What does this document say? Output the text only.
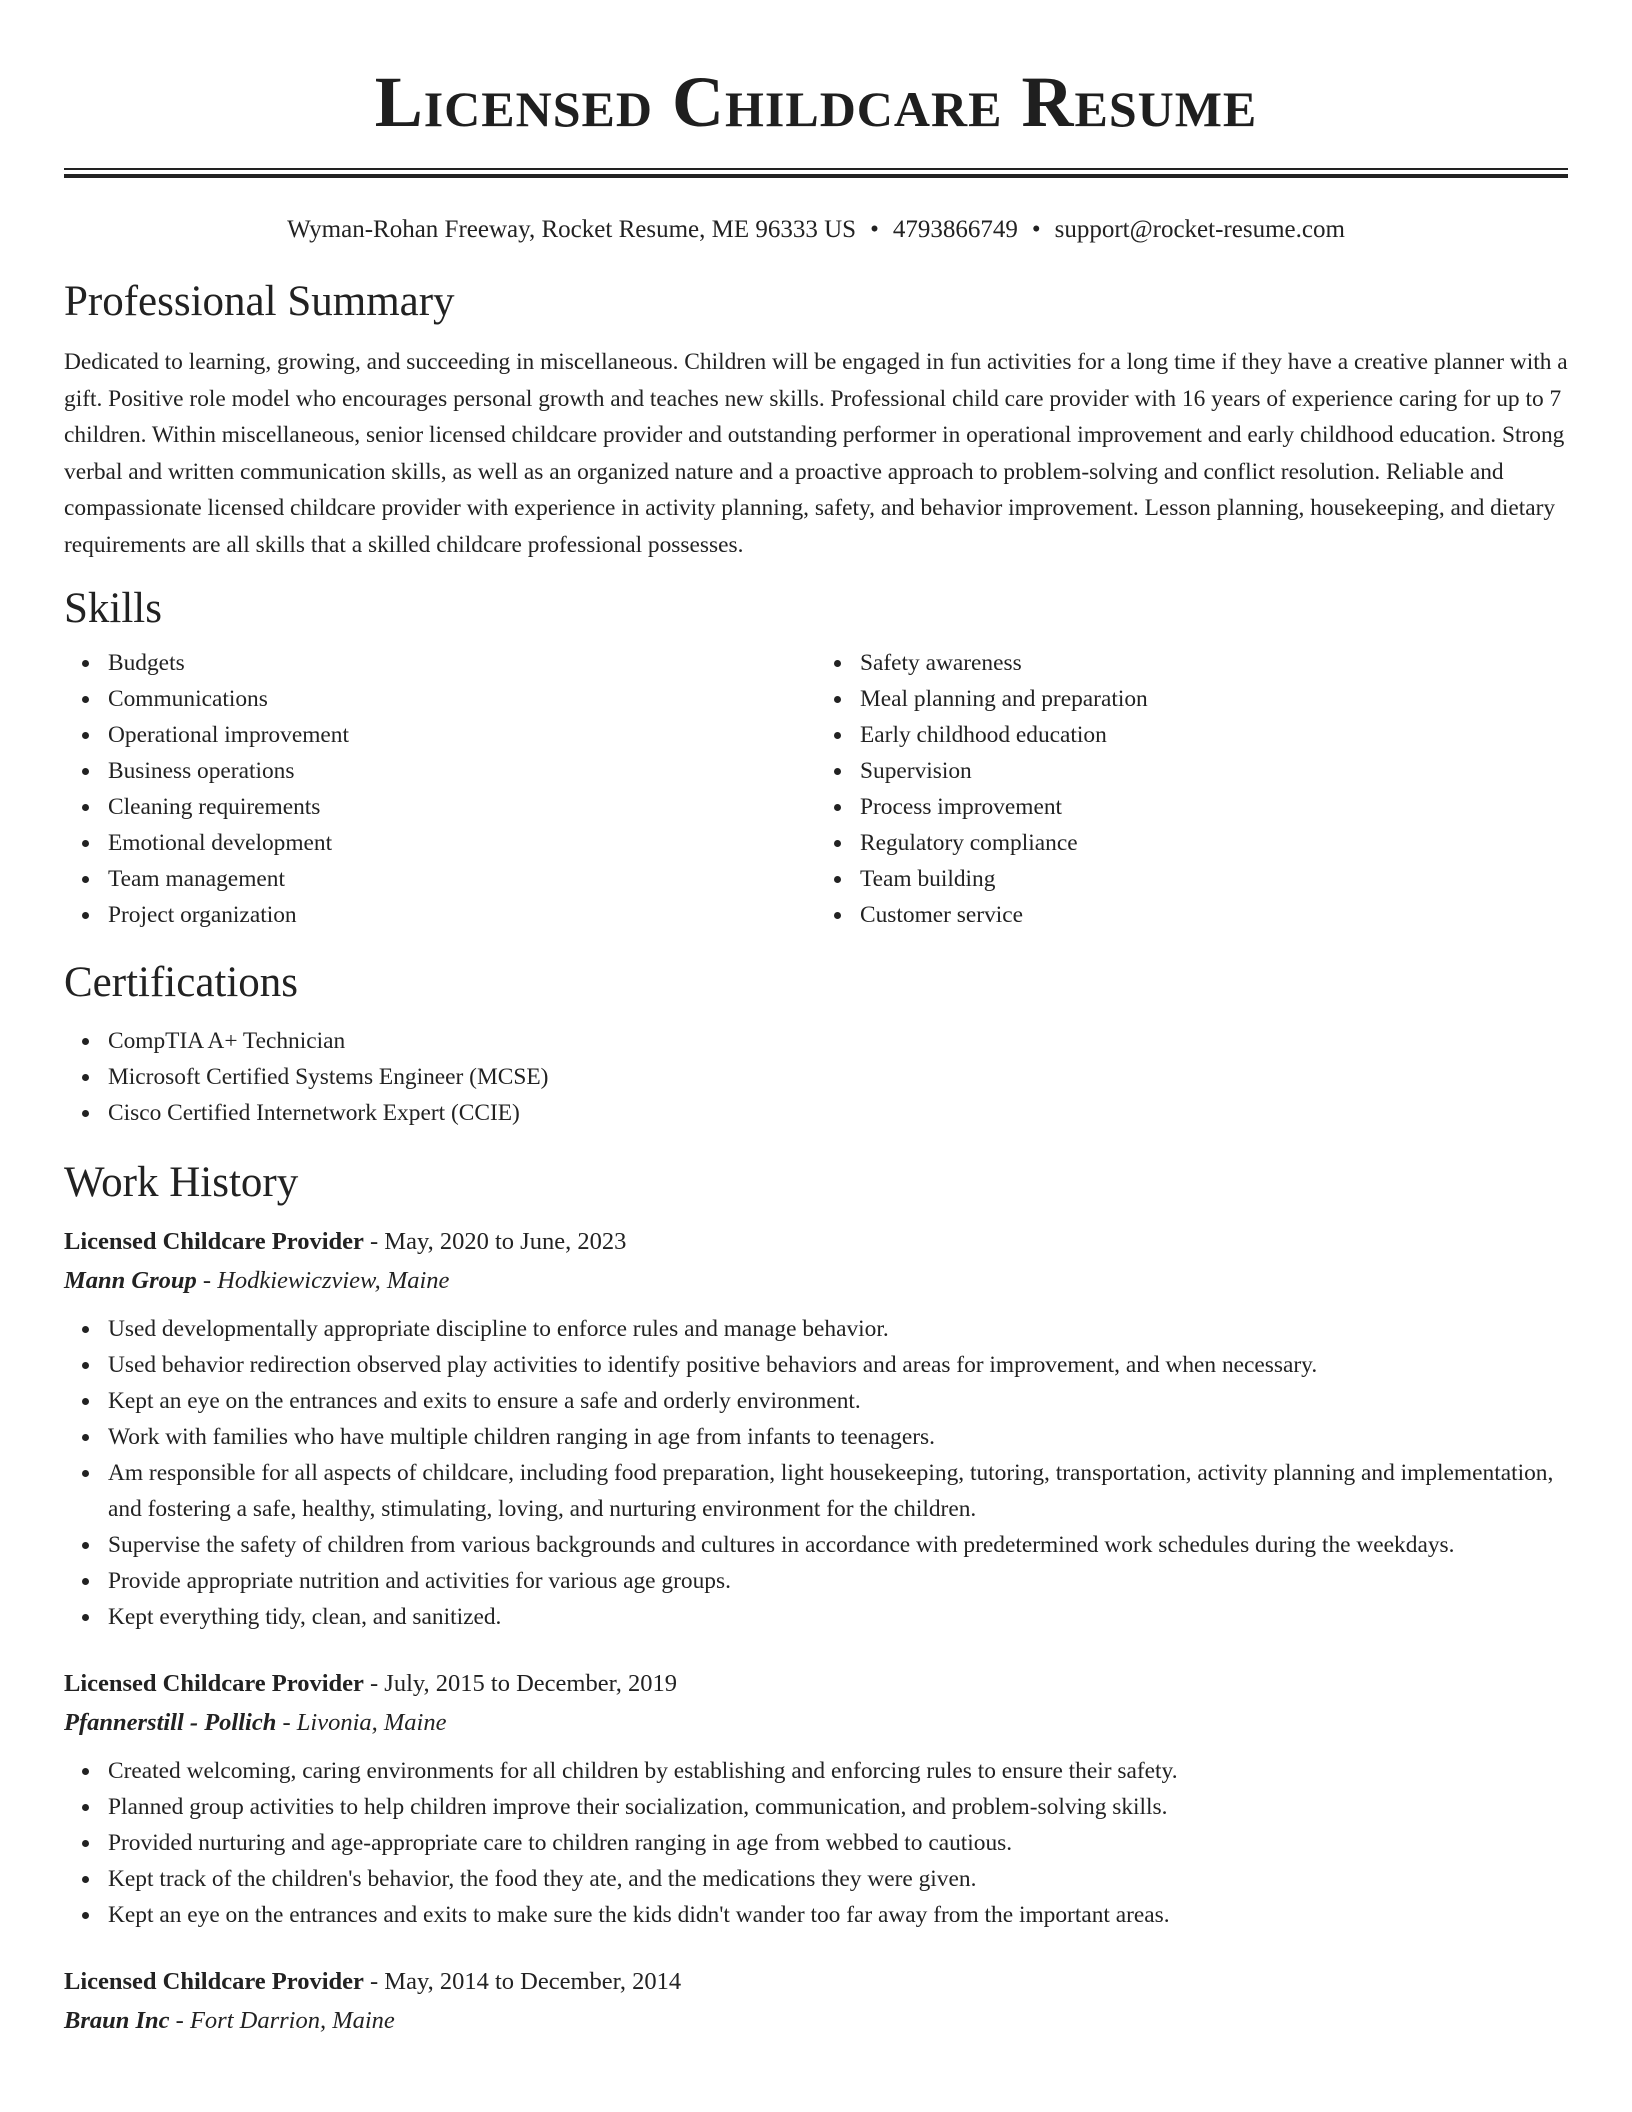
Licensed Childcare Resume
Wyman-Rohan Freeway, Rocket Resume, ME 96333 US • 4793866749 • support@rocket-resume.com
Professional Summary

Dedicated to learning, growing, and succeeding in miscellaneous. Children will be engaged in fun activities for a long time if they have a creative planner with a gift. Positive role model who encourages personal growth and teaches new skills. Professional child care provider with 16 years of experience caring for up to 7 children. Within miscellaneous, senior licensed childcare provider and outstanding performer in operational improvement and early childhood education. Strong verbal and written communication skills, as well as an organized nature and a proactive approach to problem-solving and conflict resolution. Reliable and compassionate licensed childcare provider with experience in activity planning, safety, and behavior improvement. Lesson planning, housekeeping, and dietary requirements are all skills that a skilled childcare professional possesses.

Skills
Budgets
Communications
Operational improvement
Business operations
Cleaning requirements
Emotional development
Team management
Project organization
Safety awareness
Meal planning and preparation
Early childhood education
Supervision
Process improvement
Regulatory compliance
Team building
Customer service
Certifications
CompTIA A+ Technician
Microsoft Certified Systems Engineer (MCSE)
Cisco Certified Internetwork Expert (CCIE)
Work History
Licensed Childcare Provider - May, 2020 to June, 2023
Mann Group - Hodkiewiczview, Maine
Used developmentally appropriate discipline to enforce rules and manage behavior.
Used behavior redirection observed play activities to identify positive behaviors and areas for improvement, and when necessary.
Kept an eye on the entrances and exits to ensure a safe and orderly environment.
Work with families who have multiple children ranging in age from infants to teenagers.
Am responsible for all aspects of childcare, including food preparation, light housekeeping, tutoring, transportation, activity planning and implementation, and fostering a safe, healthy, stimulating, loving, and nurturing environment for the children.
Supervise the safety of children from various backgrounds and cultures in accordance with predetermined work schedules during the weekdays.
Provide appropriate nutrition and activities for various age groups.
Kept everything tidy, clean, and sanitized.
Licensed Childcare Provider - July, 2015 to December, 2019
Pfannerstill - Pollich - Livonia, Maine
Created welcoming, caring environments for all children by establishing and enforcing rules to ensure their safety.
Planned group activities to help children improve their socialization, communication, and problem-solving skills.
Provided nurturing and age-appropriate care to children ranging in age from webbed to cautious.
Kept track of the children's behavior, the food they ate, and the medications they were given.
Kept an eye on the entrances and exits to make sure the kids didn't wander too far away from the important areas.
Licensed Childcare Provider - May, 2014 to December, 2014
Braun Inc - Fort Darrion, Maine
